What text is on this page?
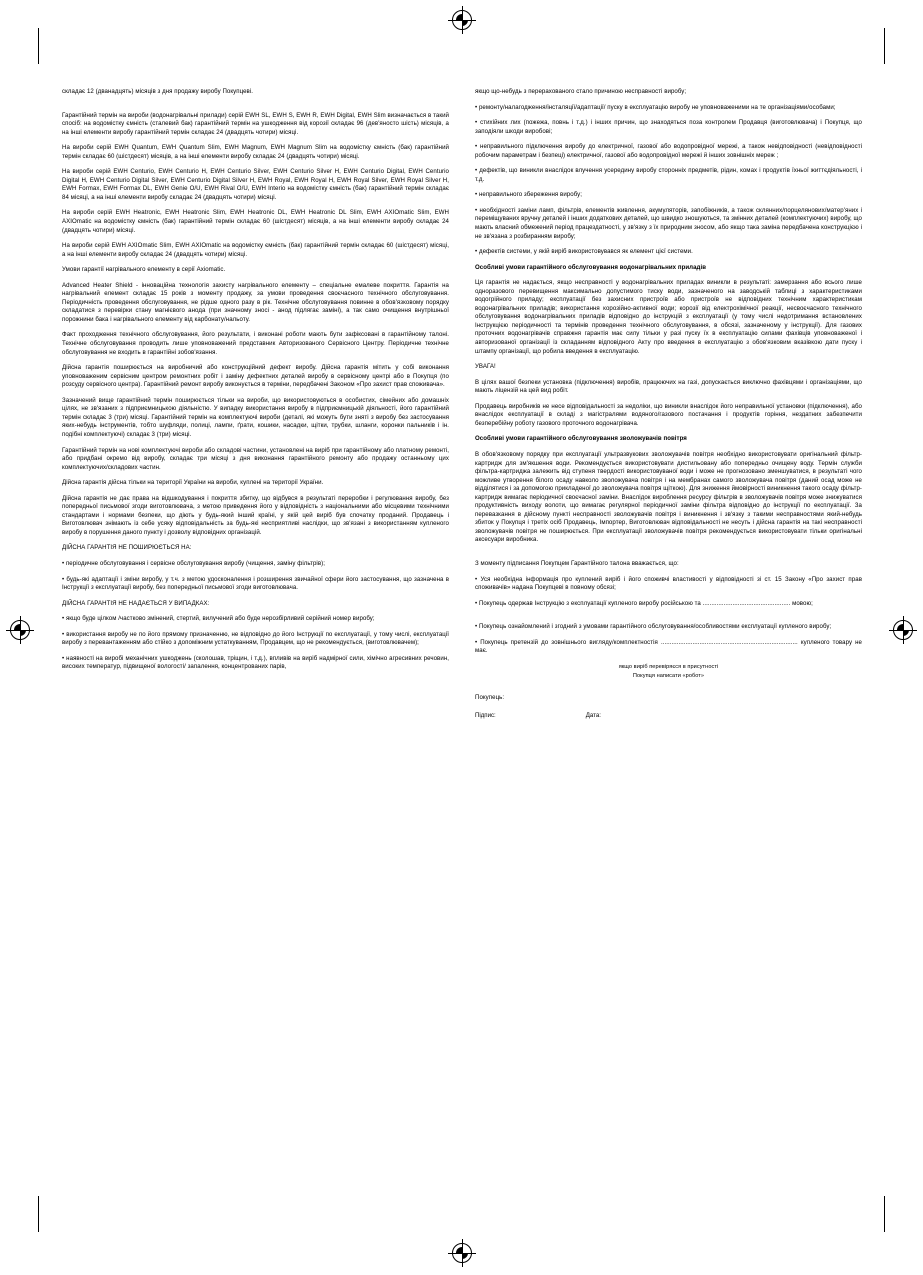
складає 12 (дванадцять) місяців з дня продажу виробу Покупцеві.

Гарантійний термін на вироби (водонагрівальні прилади) серій EWH SL, EWH S, EWH R, EWH Digital, EWH Slim визначається в такий спосіб: на водомісткy ємність (сталевий бак) гарантійний термін на ушкодження від корозії складає 96 (дев'яносто шість) місяців, а на інші елементи виробу гарантійний термін складає 24 (двадцять чотири) місяці.

На вироби серій EWH Quantum, EWH Quantum Slim, EWH Magnum, EWH Magnum Slim на водомісткy ємність (бак) гарантійний термін складає 60 (шістдесят) місяців, а на інші елементи виробу складає 24 (двадцять чотири) місяці.

На вироби серій EWH Centurio, EWH Centurio H, EWH Centurio Silver, EWH Centurio Silver H, EWH Centurio Digital, EWH Centurio Digital H, EWH Centurio Digital Silver, EWH Centurio Digital Silver H, EWH Royal, EWH Royal H, EWH Royal Silver, EWH Royal Silver H, EWH Formax, EWH Formax DL, EWH Genie O/U, EWH Rival O/U, EWH Interio на водомісткy ємність (бак) гарантійний термін складає 84 місяці, а на інші елементи виробу складає 24 (двадцять чотири) місяці.

На вироби серій EWH Heatronic, EWH Heatronic Slim, EWH Heatronic DL, EWH Heatronic DL Slim, EWH AXIOmatic Slim, EWH AXIOmatic на водомісткy ємність (бак) гарантійний термін складає 60 (шістдесят) місяців, а на інші елементи виробу складає 24 (двадцять чотири) місяці.

На вироби серій EWH AXIOmatic Slim, EWH AXIOmatic на водомісткy ємність (бак) гарантійний термін складає 60 (шістдесят) місяці, а на інші елементи виробу складає 24 (двадцять чотири) місяці.

Умови гарантії нагрівального елементу в серії Axiomatic.

Advanced Heater Shield - інноваційна технологія захисту нагрівального елементу – спеціальне емалеве покриття. Гарантія на нагрівальний елемент складає 15 років з моменту продажу, за умови проведення своєчасного технічного обслуговування. Періодичність проведення обслуговування, не рідше одного разу в рік. Технічне обслуговування повинне в обов'язковому порядку складатися з перевірки стану магнієвого анода (при значному зносі - анод підлягає заміні), а так само очищення внутрішньої порожнини бака і нагрівального елементу від карбонату/нальоту.

Факт проходження технічного обслуговування, його результати, і виконані роботи мають бути зафіксовані в гарантійному талоні. Технічне обслуговування проводить лише уповноважений представник Авторизованого Сервісного Центру. Періодичне технічне обслуговування не входить в гарантійні зобов'язання.

Дійсна гарантія поширюється на виробничий або конструкційний дефект виробу. Дійсна гарантія мітить у собі виконання уповноваженим сервісним центром ремонтних робіт і заміну дефектних деталей виробу в сервісному центрі або в Покупця (по розсуду сервісного центра). Гарантійний ремонт виробу виконується в терміни, передбачені Законом «Про захист прав споживача».

Зазначений вище гарантійний термін поширюється тільки на вироби, що використовуються в особистих, сімейних або домашніх цілях, не зв'язаних з підприємницькою діяльністю. У випадку використання виробу в підприємницькій діяльності, його гарантійний термін складає 3 (три) місяці. Гарантійний термін на комплектуючі вироби (деталі, які можуть бути зняті з виробу без застосування яких-небудь інструментів, тобто шуфляди, полиці, лампи, ґрати, кошики, насадки, щітки, трубки, шланги, коронки пальників і ін. подібні комплектуючі) складає 3 (три) місяці.

Гарантійний термін на нові комплектуючі вироби або складові частини, установлені на виріб при гарантійному або платному ремонті, або придбані окремо від виробу, складає три місяці з дня виконання гарантійного ремонту або продажу останньому цих комплектуючих/складових частин.

Дійсна гарантія дійсна тільки на території України на вироби, куплені на території України.

Дійсна гарантія не дає права на відшкодування і покриття збитку, що відбувся в результаті переробки і регулювання виробу, без попередньої письмової згоди виготовлювача, з метою приведення його у відповідність з національними або місцевими технічними стандартами і нормами безпеки, що діють у будь-який інший країні, у якій цей виріб був спочатку проданий. Продавець і Виготовлювач знімають із себе усяку відповідальність за будь-які несприятливі наслідки, що зв'язані з використанням купленого виробу в порушення даного пункту і дозволу відповідних організацій.

ДІЙСНА ГАРАНТІЯ НЕ ПОШИРЮЄТЬСЯ НА:

• періодичне обслуговування і сервісне обслуговування виробу (чищення, заміну фільтрів);

• будь-які адаптації і зміни виробу, у т.ч. з метою удосконалення і розширення звичайної сфери його застосування, що зазначена в Інструкції з експлуатації виробу, без попередньої письмової згоди виготовлювача.

ДІЙСНА ГАРАНТІЯ НЕ НАДАЄТЬСЯ У ВИПАДКАХ:

• якщо буде цілком /частково змінений, стертий, вилучений або буде нерозбірливий серійний номер виробу;

• використання виробу не по його прямому призначенню, не відповідно до його Інструкції по експлуатації, у тому числі, експлуатації виробу з перевантаженням або стійко з допоміжним устаткуванням, Продавцем, що не рекомендується, (виготовлювачем);

• наявності на виробі механічних ушкоджень (сколошав, тріщин, і т.д.), впливів на виріб надмірної сили, хімічно агресивних речовин, високих температур, підвищеної вологості/ запалення, концентрованих парів,

якщо що-небудь з перерахованого стало причиною несправності виробу;

• ремонту/налагодження/інсталяції/адаптації/ пуску в експлуатацію виробу не уповноваженими на те організаціями/особами;

• стихійних лих (пожежа, повнь і т.д.) і інших причин, що знаходяться поза контролем Продавця (виготовлювача) і Покупця, що заподіяли шкоди виробові;

• неправильного підключення виробу до електричної, газової або водопровідної мережі, а також невідповідності (невідповідності робочим параметрам і безпеці) електричної, газової або водопровідної мережі й інших зовнішніх мереж ;

• дефектів, що виникли внаслідок влучення усередину виробу сторонніх предметів, рідин, комах і продуктів їхньої життєдіяльності, і т.д.

• неправильного збереження виробу;

• необхідності заміни ламп, фільтрів, елементів живлення, акумуляторів, запобіжників, а також склянних/порцелянових/матер'яних і переміщуваних вручну деталей і інших додаткових деталей, що швидко зношуються, та змінних деталей (комплектуючих) виробу, що мають власний обмежений період працездатності, у зв'язку з їх природним зносом, або якщо така заміна передбачена конструкцією і не зв'язана з розбиранням виробу;

• дефектів системи, у якій виріб використовувався як елемент цієї системи.

Особливі умови гарантійного обслуговування водонагрівальних приладів

Ця гарантія не надається, якщо несправності у водонагрівальних приладах виникли в результаті: замерзання або всього лише одноразового перевищення максимально допустимого тиску води, зазначеного на заводській таблиці з характеристиками водогрійного приладу; експлуатації без захисних пристроїв або пристроїв не відповідних технічним характеристикам водонагрівальних приладів; використання корозійно-активної води; корозії від електрохімічної реакції, несвоєчасного технічного обслуговування водонагрівальних приладів відповідно до інструкцій з експлуатації (у тому числі недотримання встановлених Інструкцією періодичності та термінів проведення технічного обслуговування, в обсязі, зазначеному у інструкції). Для газових проточних водонагрівачів справжня гарантія має силу тільки у разі пуску їх в експлуатацію силами фахівців уповноваженої і авторизованої організації із складанням відповідного Акту про введення в експлуатацію з обов'язковим вказівкою дати пуску і штампу організації, що робила введення в експлуатацію.

УВАГА!

В цілях вашої безпеки установка (підключення) виробів, працюючих на газі, допускається виключно фахівцями і організаціями, що мають ліцензій на цей вид робіт.

Продавець виробників не несе відповідальності за недоліки, що виникли внаслідок його неправильної установки (підключення), або внаслідок експлуатації в складі з магістралями водяного/газового постачання і продуктів горіння, нездатних забезпечити безперебійну роботу газового проточного водонагрівача.

Особливі умови гарантійного обслуговування зволожувачів повітря

В обов'язковому порядку при експлуатації ультразвукових зволожувачів повітря необхідно використовувати оригінальний фільтр-картридж для зм'якшення води. Рекомендується використовувати дистильовану або попередньо очищену воду. Термін служби фільтра-картриджа залежить від ступеня твердості використовуваної води і може не прогнозовано зменшуватися, в результаті чого можливе утворення білого осаду навколо зволожувача повітря і на мембранах самого зволожувача повітря (даний осад може не відділятися і за допомогою прикладеної до зволожувача повітря щіткою). Для зниження ймовірності виникнення такого осаду фільтр-картридж вимагає періодичної своєчасної заміни. Внаслідок вироблення ресурсу фільтрів в зволожувачів повітря може знижуватися продуктивність виходу волоти, що вимагає регулярної періодичної заміни фільтра відповідно до інструкції по експлуатації. За перевазкання в дійсному пункті несправності зволожувачів повітря і виникнення і зв'язку з такими несправностями який-небудь збиток у Покупця і третіх осіб Продавець, Імпортер, Виготовлювач відповідальності не несуть і дійсна гарантія на такі несправності зволожувачів повітря не поширюється. При експлуатації зволожувачів повітря рекомендується використовувати тільки оригінальні аксесуари виробника.

З моменту підписання Покупцем Гарантійного талона вважається, що:

• Уся необхідна інформація про куплений виріб і його споживчі властивості у відповідності зі ст. 15 Закону «Про захист прав споживачів» надана Покупцеві в повному обсязі;

• Покупець одержав Інструкцію з експлуатації купленого виробу російською та .................................................. мовою;

• Покупець ознайомлений і згодний з умовами гарантійного обслуговування/особливостями експлуатації купленого виробу;

• Покупець претензій до зовнішнього вигляду/комплектностія .............................................................................. купленого товару не має.

якщо виріб перевіряєся в присутності

Покупця написати «робот»

Покупець:

Підпис:	Дата:
